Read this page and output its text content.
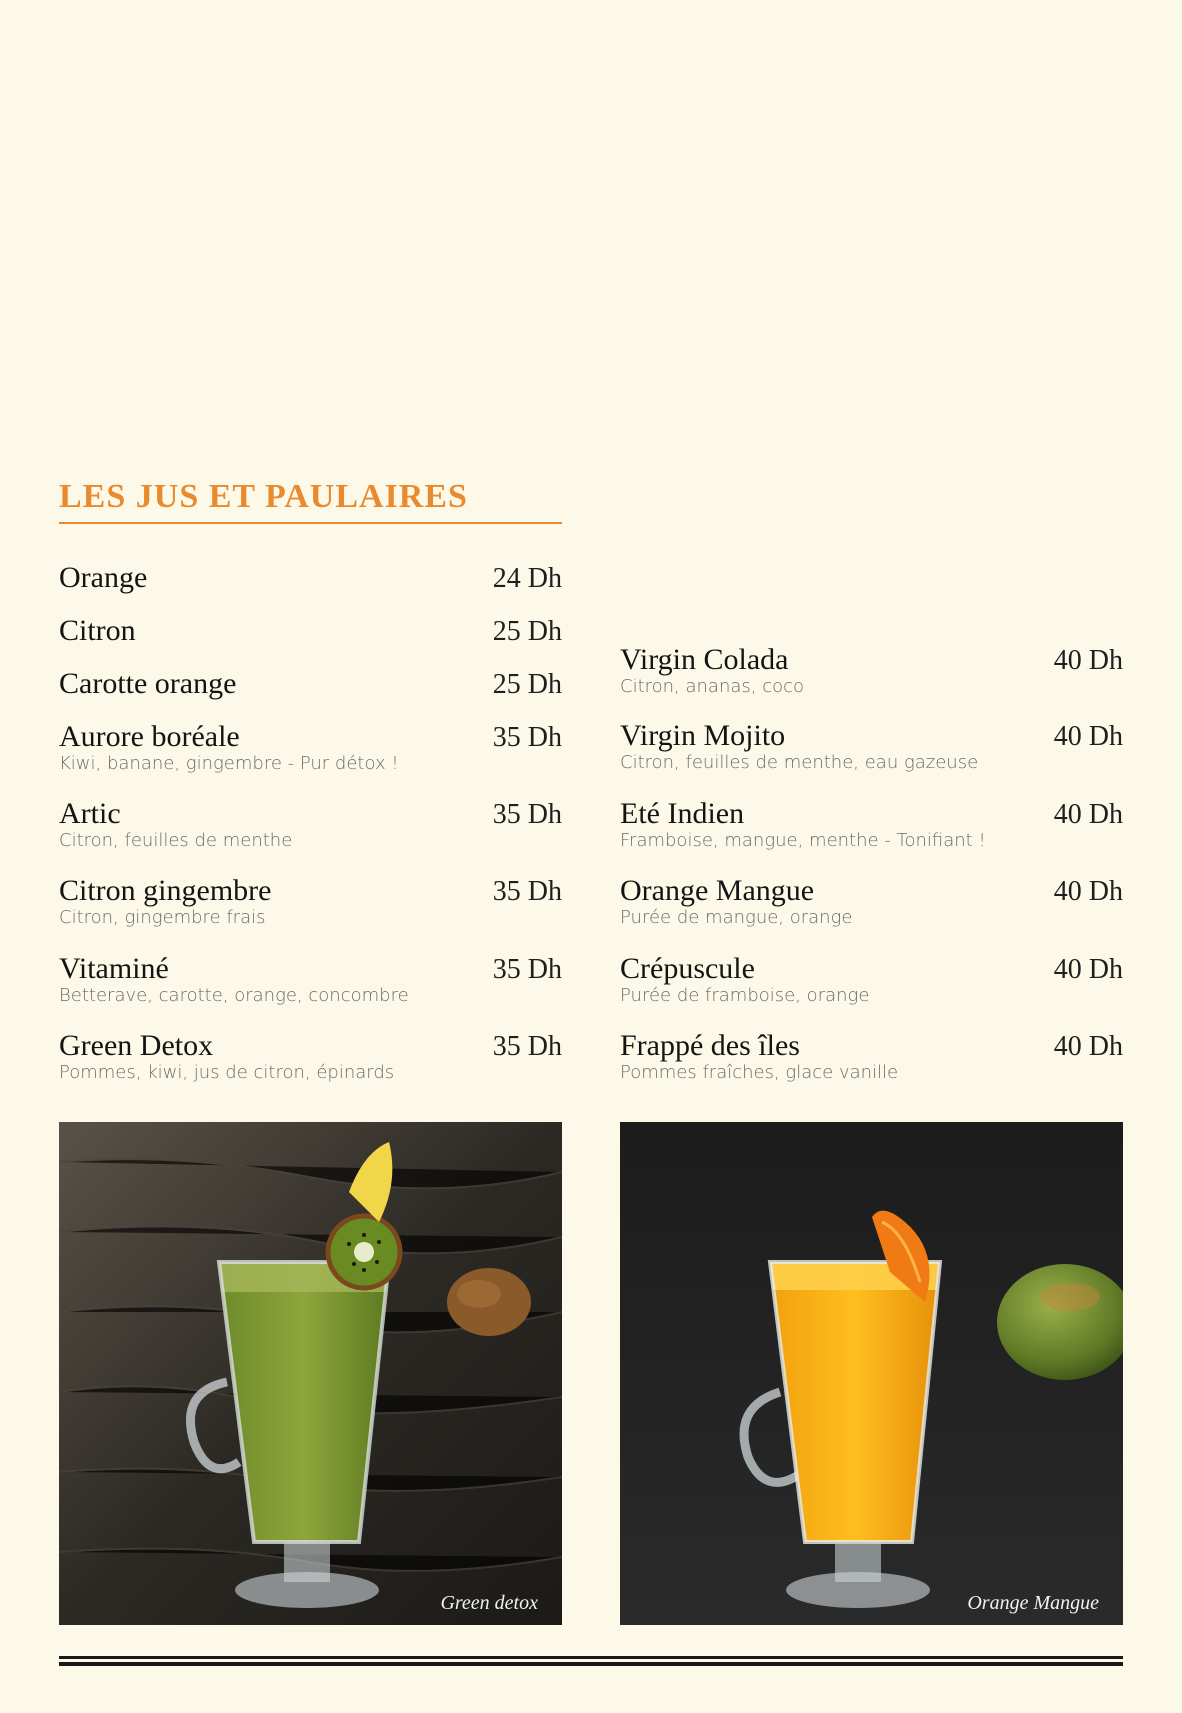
LES JUS ET PAULAIRES
Orange	24 Dh
Citron	25 Dh
Carotte orange	25 Dh
Aurore boréale	35 Dh
Kiwi, banane, gingembre - Pur détox !
Artic	35 Dh
Citron, feuilles de menthe
Citron gingembre	35 Dh
Citron, gingembre frais
Vitaminé	35 Dh
Betterave, carotte, orange, concombre
Green Detox	35 Dh
Pommes, kiwi, jus de citron, épinards
Virgin Colada	40 Dh
Citron, ananas, coco
Virgin Mojito	40 Dh
Citron, feuilles de menthe, eau gazeuse
Eté Indien	40 Dh
Framboise, mangue, menthe - Tonifiant !
Orange Mangue	40 Dh
Purée de mangue, orange
Crépuscule	40 Dh
Purée de framboise, orange
Frappé des îles	40 Dh
Pommes fraîches, glace vanille
Green detox	Orange Mangue
